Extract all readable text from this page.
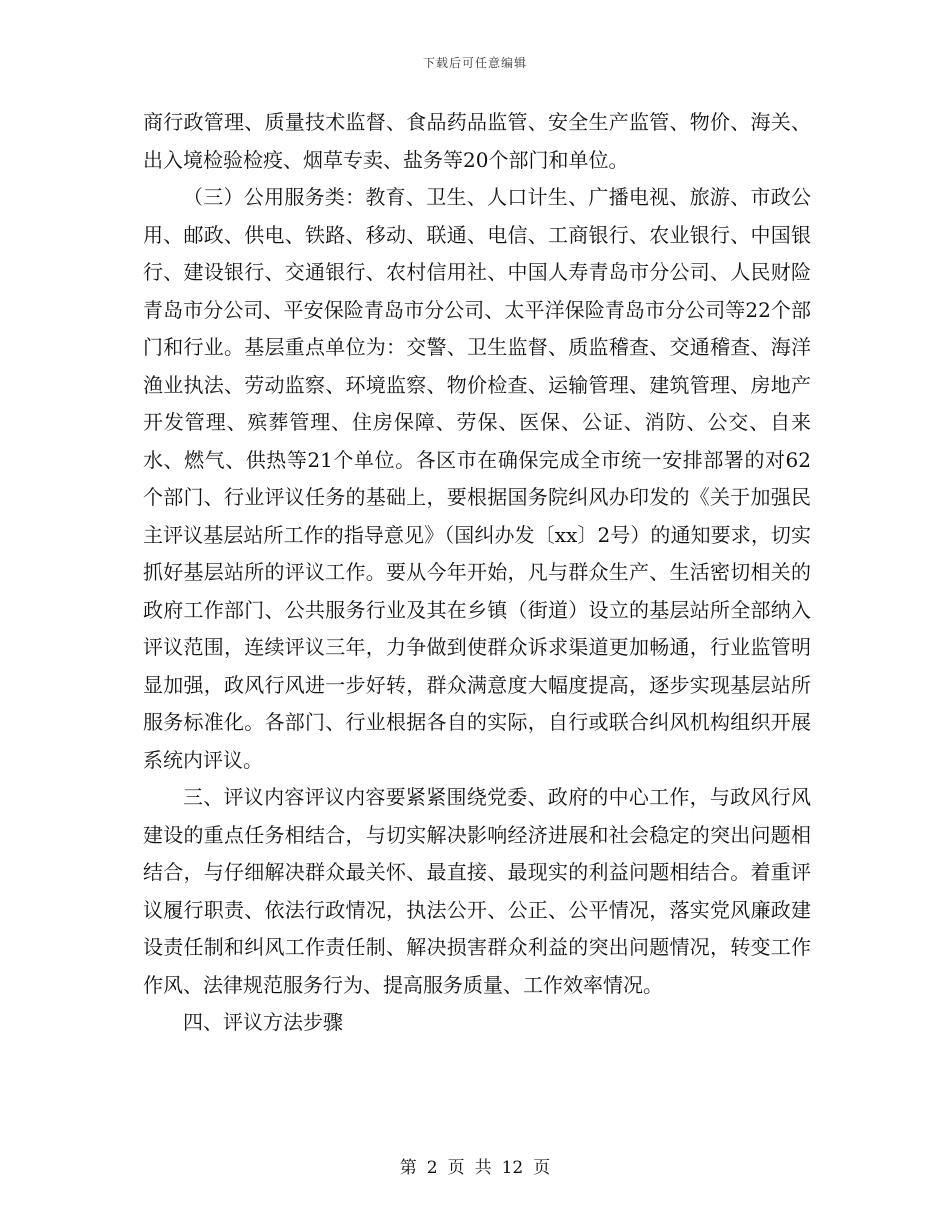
下载后可任意编辑

商行政管理、质量技术监督、食品药品监管、安全生产监管、物价、海关、出入境检验检疫、烟草专卖、盐务等20个部门和单位。

（三）公用服务类：教育、卫生、人口计生、广播电视、旅游、市政公用、邮政、供电、铁路、移动、联通、电信、工商银行、农业银行、中国银行、建设银行、交通银行、农村信用社、中国人寿青岛市分公司、人民财险青岛市分公司、平安保险青岛市分公司、太平洋保险青岛市分公司等22个部门和行业。基层重点单位为：交警、卫生监督、质监稽查、交通稽查、海洋渔业执法、劳动监察、环境监察、物价检查、运输管理、建筑管理、房地产开发管理、殡葬管理、住房保障、劳保、医保、公证、消防、公交、自来水、燃气、供热等21个单位。各区市在确保完成全市统一安排部署的对62个部门、行业评议任务的基础上，要根据国务院纠风办印发的《关于加强民主评议基层站所工作的指导意见》（国纠办发〔xx〕2号）的通知要求，切实抓好基层站所的评议工作。要从今年开始，凡与群众生产、生活密切相关的政府工作部门、公共服务行业及其在乡镇（街道）设立的基层站所全部纳入评议范围，连续评议三年，力争做到使群众诉求渠道更加畅通，行业监管明显加强，政风行风进一步好转，群众满意度大幅度提高，逐步实现基层站所服务标准化。各部门、行业根据各自的实际，自行或联合纠风机构组织开展系统内评议。

三、评议内容评议内容要紧紧围绕党委、政府的中心工作，与政风行风建设的重点任务相结合，与切实解决影响经济进展和社会稳定的突出问题相结合，与仔细解决群众最关怀、最直接、最现实的利益问题相结合。着重评议履行职责、依法行政情况，执法公开、公正、公平情况，落实党风廉政建设责任制和纠风工作责任制、解决损害群众利益的突出问题情况，转变工作作风、法律规范服务行为、提高服务质量、工作效率情况。

四、评议方法步骤

第 2 页 共 12 页
